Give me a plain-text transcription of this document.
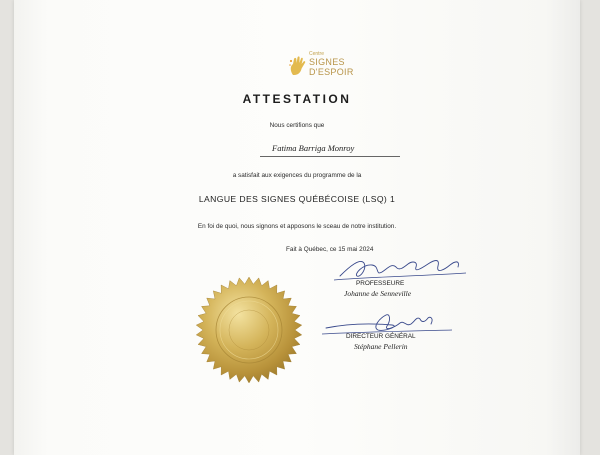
Centre
SIGNES
D'ESPOIR
ATTESTATION
Nous certifions que
Fatima Barriga Monroy
a satisfait aux exigences du programme de la
LANGUE DES SIGNES QUÉBÉCOISE (LSQ) 1
En foi de quoi, nous signons et apposons le sceau de notre institution.
Fait à Québec, ce 15 mai 2024
PROFESSEURE
Johanne de Senneville
DIRECTEUR GÉNÉRAL
Stéphane Pellerin
